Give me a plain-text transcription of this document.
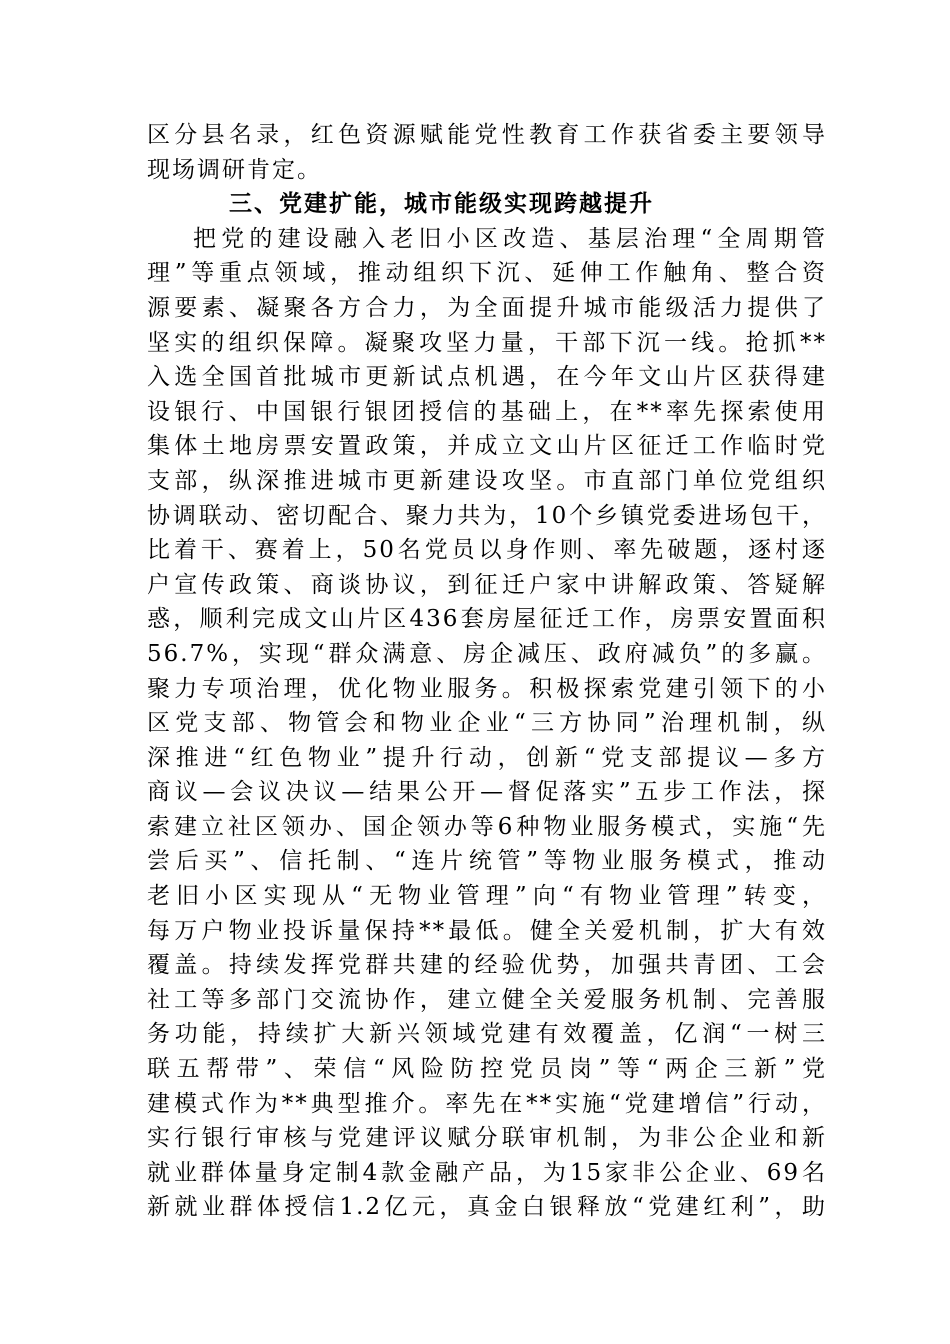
区分县名录，红色资源赋能党性教育工作获省委主要领导
现场调研肯定。
三、党建扩能，城市能级实现跨越提升
把党的建设融入老旧小区改造、基层治理“全周期管
理”等重点领域，推动组织下沉、延伸工作触角、整合资
源要素、凝聚各方合力，为全面提升城市能级活力提供了
坚实的组织保障。凝聚攻坚力量，干部下沉一线。抢抓**
入选全国首批城市更新试点机遇，在今年文山片区获得建
设银行、中国银行银团授信的基础上，在**率先探索使用
集体土地房票安置政策，并成立文山片区征迁工作临时党
支部，纵深推进城市更新建设攻坚。市直部门单位党组织
协调联动、密切配合、聚力共为，10个乡镇党委进场包干，
比着干、赛着上，50名党员以身作则、率先破题，逐村逐
户宣传政策、商谈协议，到征迁户家中讲解政策、答疑解
惑，顺利完成文山片区436套房屋征迁工作，房票安置面积
56.7%，实现“群众满意、房企减压、政府减负”的多赢。
聚力专项治理，优化物业服务。积极探索党建引领下的小
区党支部、物管会和物业企业“三方协同”治理机制，纵
深推进“红色物业”提升行动，创新“党支部提议—多方
商议—会议决议—结果公开—督促落实”五步工作法，探
索建立社区领办、国企领办等6种物业服务模式，实施“先
尝后买”、信托制、“连片统管”等物业服务模式，推动
老旧小区实现从“无物业管理”向“有物业管理”转变，
每万户物业投诉量保持**最低。健全关爱机制，扩大有效
覆盖。持续发挥党群共建的经验优势，加强共青团、工会
社工等多部门交流协作，建立健全关爱服务机制、完善服
务功能，持续扩大新兴领域党建有效覆盖，亿润“一树三
联五帮带”、荣信“风险防控党员岗”等“两企三新”党
建模式作为**典型推介。率先在**实施“党建增信”行动，
实行银行审核与党建评议赋分联审机制，为非公企业和新
就业群体量身定制4款金融产品，为15家非公企业、69名
新就业群体授信1.2亿元，真金白银释放“党建红利”，助
